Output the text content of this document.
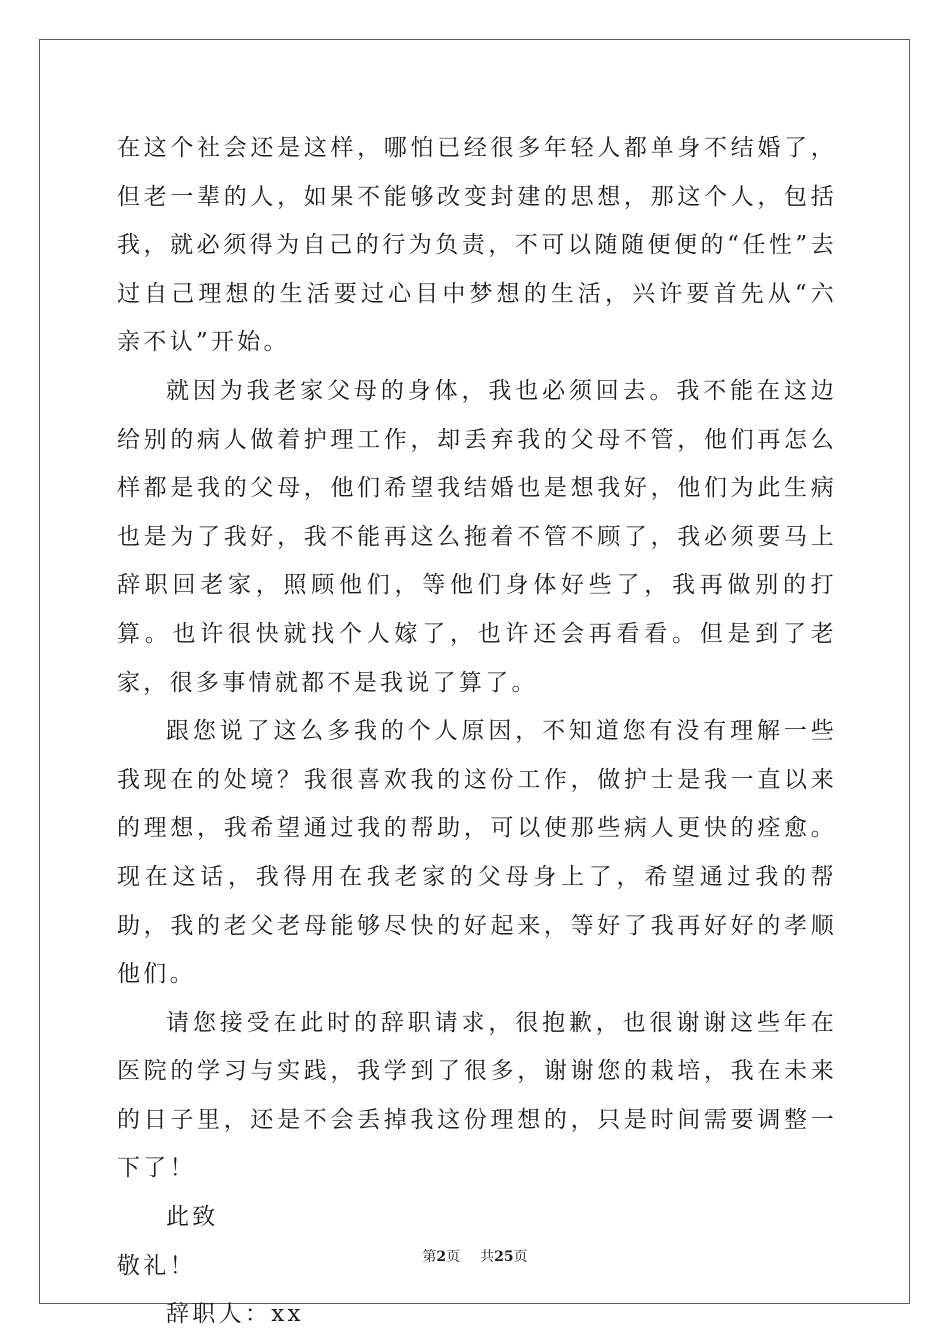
在这个社会还是这样，哪怕已经很多年轻人都单身不结婚了，但老一辈的人，如果不能够改变封建的思想，那这个人，包括我，就必须得为自己的行为负责，不可以随随便便的“任性”去过自己理想的生活要过心目中梦想的生活，兴许要首先从“六亲不认”开始。

就因为我老家父母的身体，我也必须回去。我不能在这边给别的病人做着护理工作，却丢弃我的父母不管，他们再怎么样都是我的父母，他们希望我结婚也是想我好，他们为此生病也是为了我好，我不能再这么拖着不管不顾了，我必须要马上辞职回老家，照顾他们，等他们身体好些了，我再做别的打算。也许很快就找个人嫁了，也许还会再看看。但是到了老家，很多事情就都不是我说了算了。

跟您说了这么多我的个人原因，不知道您有没有理解一些我现在的处境？我很喜欢我的这份工作，做护士是我一直以来的理想，我希望通过我的帮助，可以使那些病人更快的痊愈。现在这话，我得用在我老家的父母身上了，希望通过我的帮助，我的老父老母能够尽快的好起来，等好了我再好好的孝顺他们。

请您接受在此时的辞职请求，很抱歉，也很谢谢这些年在医院的学习与实践，我学到了很多，谢谢您的栽培，我在未来的日子里，还是不会丢掉我这份理想的，只是时间需要调整一下了！

此致

敬礼！

辞职人：xx

第2页 共25页
